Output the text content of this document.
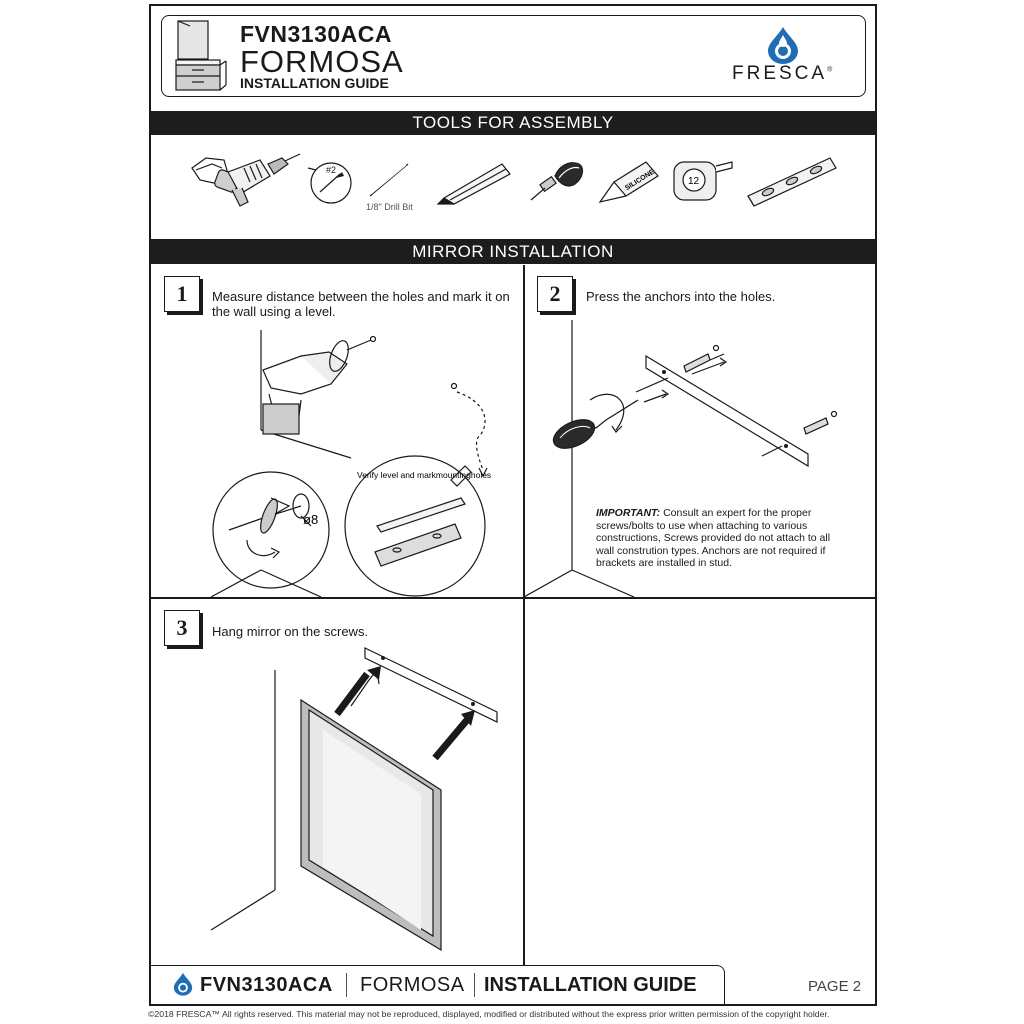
FVN3130ACA
FORMOSA
INSTALLATION GUIDE	FRESCA®
TOOLS FOR ASSEMBLY
#2
1/8" Drill Bit
SILICONE	12
MIRROR INSTALLATION
1	Measure distance between the holes and mark it on the wall using a level.
ø8
Verify level and markmountingholes
2	Press the anchors into the holes.
IMPORTANT: Consult an expert for the proper screws/bolts to use when attaching to various constructions, Screws provided do not attach to all wall constrution types. Anchors are not required if brackets are installed in stud.
3	Hang mirror on the screws.
FVN3130ACA FORMOSA INSTALLATION GUIDE	PAGE 2
©2018 FRESCA™ All rights reserved. This material may not be reproduced, displayed, modified or distributed without the express prior written permission of the copyright holder.
